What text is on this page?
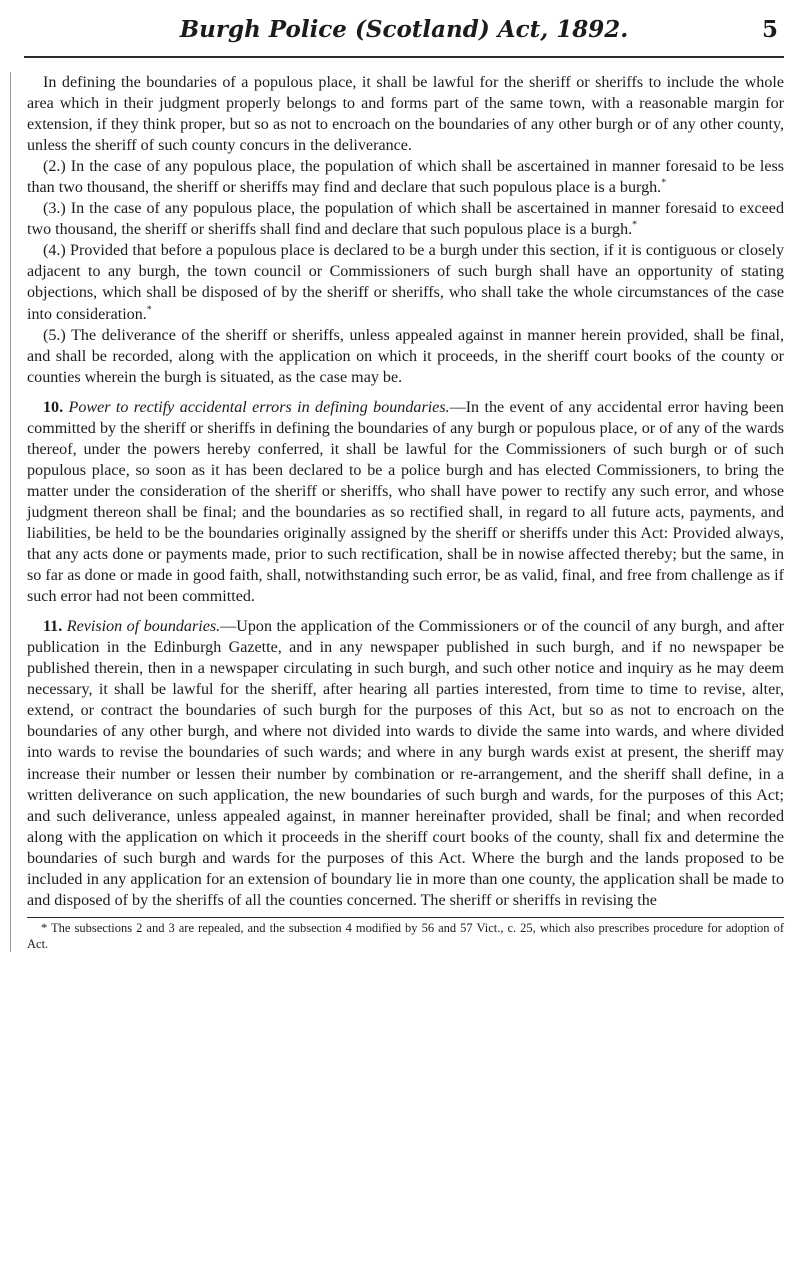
Burgh Police (Scotland) Act, 1892.	5

In defining the boundaries of a populous place, it shall be lawful for the sheriff or sheriffs to include the whole area which in their judgment properly belongs to and forms part of the same town, with a reasonable margin for extension, if they think proper, but so as not to encroach on the boundaries of any other burgh or of any other county, unless the sheriff of such county concurs in the deliverance.

(2.) In the case of any populous place, the population of which shall be ascertained in manner foresaid to be less than two thousand, the sheriff or sheriffs may find and declare that such populous place is a burgh.*

(3.) In the case of any populous place, the population of which shall be ascertained in manner foresaid to exceed two thousand, the sheriff or sheriffs shall find and declare that such populous place is a burgh.*

(4.) Provided that before a populous place is declared to be a burgh under this section, if it is contiguous or closely adjacent to any burgh, the town council or Commissioners of such burgh shall have an opportunity of stating objections, which shall be disposed of by the sheriff or sheriffs, who shall take the whole circumstances of the case into consideration.*

(5.) The deliverance of the sheriff or sheriffs, unless appealed against in manner herein provided, shall be final, and shall be recorded, along with the application on which it proceeds, in the sheriff court books of the county or counties wherein the burgh is situated, as the case may be.

10. Power to rectify accidental errors in defining boundaries.—In the event of any accidental error having been committed by the sheriff or sheriffs in defining the boundaries of any burgh or populous place, or of any of the wards thereof, under the powers hereby conferred, it shall be lawful for the Commissioners of such burgh or of such populous place, so soon as it has been declared to be a police burgh and has elected Commissioners, to bring the matter under the consideration of the sheriff or sheriffs, who shall have power to rectify any such error, and whose judgment thereon shall be final; and the boundaries as so rectified shall, in regard to all future acts, payments, and liabilities, be held to be the boundaries originally assigned by the sheriff or sheriffs under this Act: Provided always, that any acts done or payments made, prior to such rectification, shall be in nowise affected thereby; but the same, in so far as done or made in good faith, shall, notwithstanding such error, be as valid, final, and free from challenge as if such error had not been committed.

11. Revision of boundaries.—Upon the application of the Commissioners or of the council of any burgh, and after publication in the Edinburgh Gazette, and in any newspaper published in such burgh, and if no newspaper be published therein, then in a newspaper circulating in such burgh, and such other notice and inquiry as he may deem necessary, it shall be lawful for the sheriff, after hearing all parties interested, from time to time to revise, alter, extend, or contract the boundaries of such burgh for the purposes of this Act, but so as not to encroach on the boundaries of any other burgh, and where not divided into wards to divide the same into wards, and where divided into wards to revise the boundaries of such wards; and where in any burgh wards exist at present, the sheriff may increase their number or lessen their number by combination or re-arrangement, and the sheriff shall define, in a written deliverance on such application, the new boundaries of such burgh and wards, for the purposes of this Act; and such deliverance, unless appealed against, in manner hereinafter provided, shall be final; and when recorded along with the application on which it proceeds in the sheriff court books of the county, shall fix and determine the boundaries of such burgh and wards for the purposes of this Act. Where the burgh and the lands proposed to be included in any application for an extension of boundary lie in more than one county, the application shall be made to and disposed of by the sheriffs of all the counties concerned. The sheriff or sheriffs in revising the

* The subsections 2 and 3 are repealed, and the subsection 4 modified by 56 and 57 Vict., c. 25, which also prescribes procedure for adoption of Act.
